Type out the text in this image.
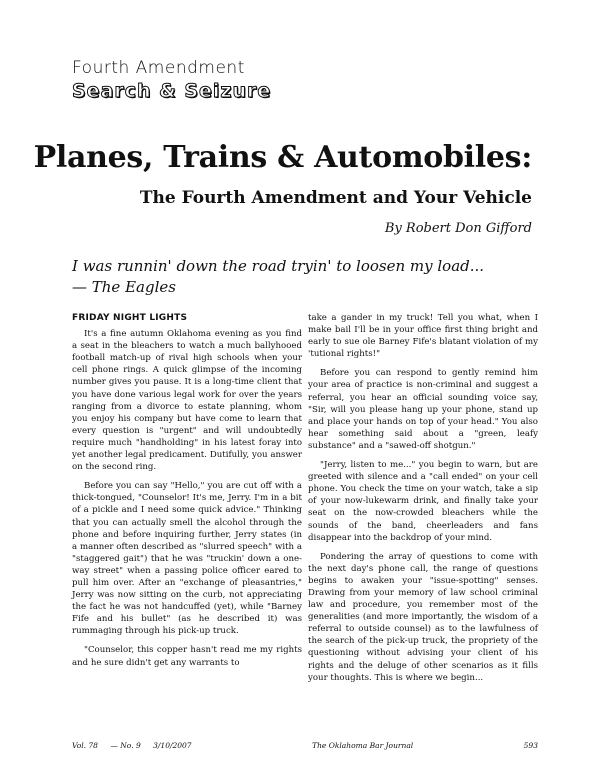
Fourth Amendment
Search & Seizure
Planes, Trains & Automobiles:
The Fourth Amendment and Your Vehicle
By Robert Don Gifford
I was runnin' down the road tryin' to loosen my load...
— The Eagles
FRIDAY NIGHT LIGHTS

It's a fine autumn Oklahoma evening as you find a seat in the bleachers to watch a much ballyhooed football match-up of rival high schools when your cell phone rings. A quick glimpse of the incoming number gives you pause. It is a long-time client that you have done various legal work for over the years ranging from a divorce to estate planning, whom you enjoy his company but have come to learn that every question is "urgent" and will undoubtedly require much "handholding" in his latest foray into yet another legal predicament. Dutifully, you answer on the second ring.

Before you can say "Hello," you are cut off with a thick-tongued, "Counselor! It's me, Jerry. I'm in a bit of a pickle and I need some quick advice." Thinking that you can actually smell the alcohol through the phone and before inquiring further, Jerry states (in a manner often described as "slurred speech" with a "staggered gait") that he was "truckin' down a one-way street" when a passing police officer eared to pull him over. After an "exchange of pleasantries," Jerry was now sitting on the curb, not appreciating the fact he was not handcuffed (yet), while "Barney Fife and his bullet" (as he described it) was rummaging through his pick-up truck.

"Counselor, this copper hasn't read me my rights and he sure didn't get any warrants to

take a gander in my truck! Tell you what, when I make bail I'll be in your office first thing bright and early to sue ole Barney Fife's blatant violation of my 'tutional rights!"

Before you can respond to gently remind him your area of practice is non-criminal and suggest a referral, you hear an official sounding voice say, "Sir, will you please hang up your phone, stand up and place your hands on top of your head." You also hear something said about a "green, leafy substance" and a "sawed-off shotgun."

"Jerry, listen to me..." you begin to warn, but are greeted with silence and a "call ended" on your cell phone. You check the time on your watch, take a sip of your now-lukewarm drink, and finally take your seat on the now-crowded bleachers while the sounds of the band, cheerleaders and fans disappear into the backdrop of your mind.

Pondering the array of questions to come with the next day's phone call, the range of questions begins to awaken your "issue-spotting" senses. Drawing from your memory of law school criminal law and procedure, you remember most of the generalities (and more importantly, the wisdom of a referral to outside counsel) as to the lawfulness of the search of the pick-up truck, the propriety of the questioning without advising your client of his rights and the deluge of other scenarios as it fills your thoughts. This is where we begin...

Vol. 78 — No. 9 3/10/2007	The Oklahoma Bar Journal	593
